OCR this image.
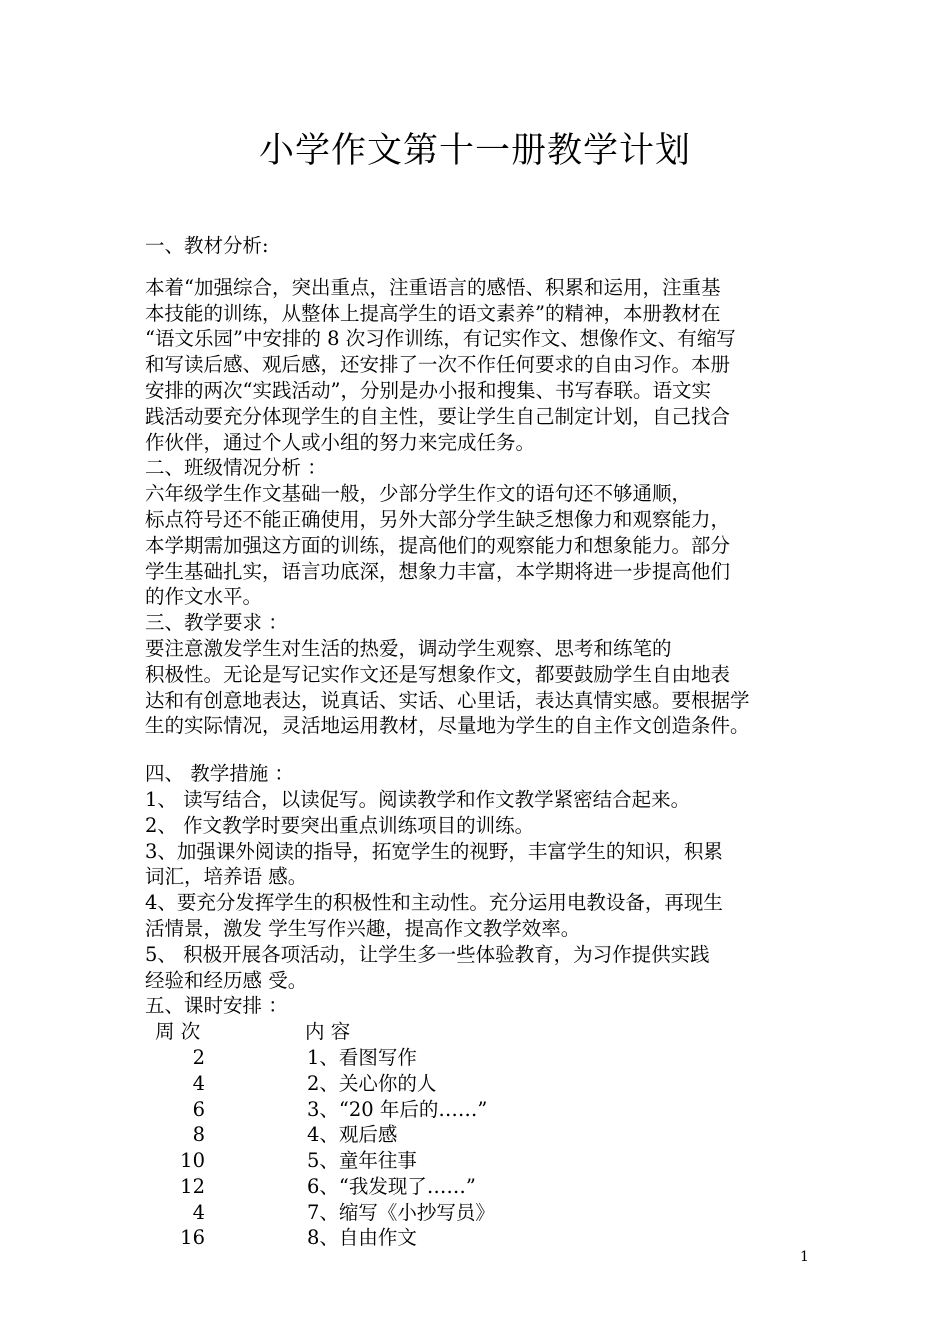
小学作文第十一册教学计划

一、教材分析:

本着“加强综合，突出重点，注重语言的感悟、积累和运用，注重基

本技能的训练，从整体上提高学生的语文素养”的精神，本册教材在

“语文乐园”中安排的 8 次习作训练，有记实作文、想像作文、有缩写

和写读后感、观后感，还安排了一次不作任何要求的自由习作。本册

安排的两次“实践活动”，分别是办小报和搜集、书写春联。语文实

践活动要充分体现学生的自主性，要让学生自己制定计划，自己找合

作伙伴，通过个人或小组的努力来完成任务。

二、班级情况分析 ：

六年级学生作文基础一般，少部分学生作文的语句还不够通顺，

标点符号还不能正确使用，另外大部分学生缺乏想像力和观察能力，

本学期需加强这方面的训练，提高他们的观察能力和想象能力。部分

学生基础扎实，语言功底深，想象力丰富，本学期将进一步提高他们

的作文水平。

三、教学要求 ：

要注意激发学生对生活的热爱，调动学生观察、思考和练笔的

积极性。无论是写记实作文还是写想象作文，都要鼓励学生自由地表

达和有创意地表达，说真话、实话、心里话，表达真情实感。要根据学

生的实际情况，灵活地运用教材，尽量地为学生的自主作文创造条件。

四、 教学措施 ：

1、 读写结合，以读促写。阅读教学和作文教学紧密结合起来。

2、 作文教学时要突出重点训练项目的训练。

3、加强课外阅读的指导，拓宽学生的视野，丰富学生的知识，积累

词汇，培养语 感。

4、要充分发挥学生的积极性和主动性。充分运用电教设备，再现生

活情景，激发 学生写作兴趣，提高作文教学效率。

5、 积极开展各项活动，让学生多一些体验教育，为习作提供实践

经验和经历感 受。

五、课时安排 ：

周 次	内 容
2	1、看图写作
4	2、关心你的人
6	3、“20 年后的……”
8	4、观后感
10	5、童年往事
12	6、“我发现了……”
4	7、缩写《小抄写员》
16	8、自由作文
1
